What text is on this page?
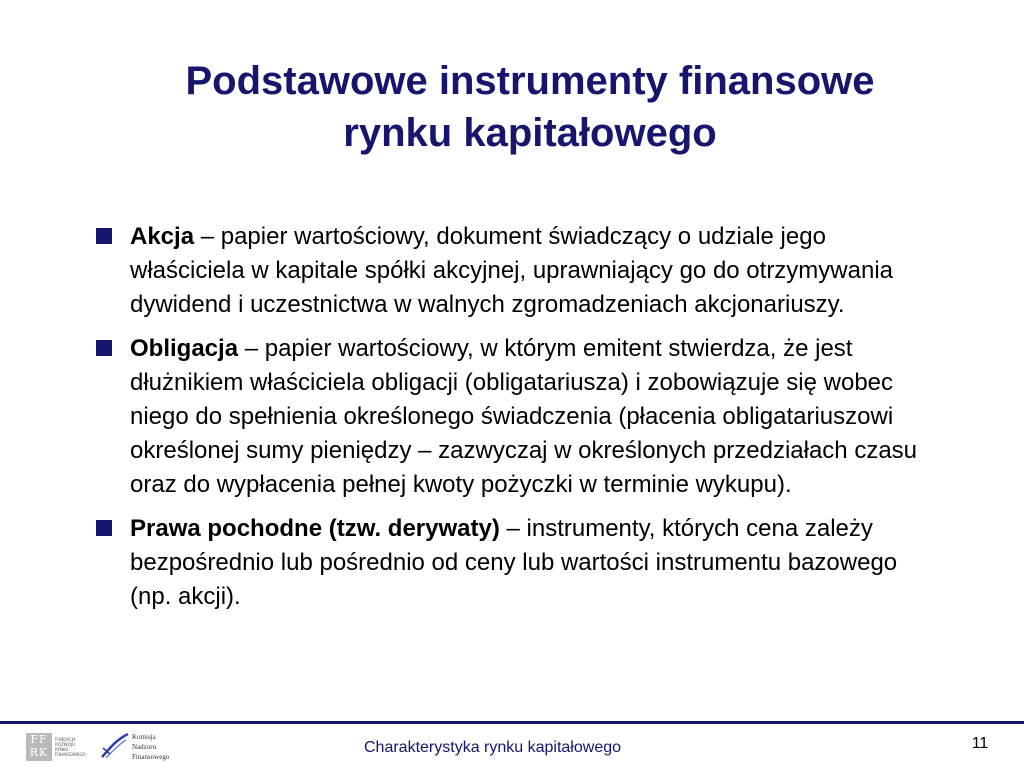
Podstawowe instrumenty finansowe
rynku kapitałowego
Akcja – papier wartościowy, dokument świadczący o udziale jego właściciela w kapitale spółki akcyjnej, uprawniający go do otrzymywania dywidend i uczestnictwa w walnych zgromadzeniach akcjonariuszy.
Obligacja – papier wartościowy, w którym emitent stwierdza, że jest dłużnikiem właściciela obligacji (obligatariusza) i zobowiązuje się wobec niego do spełnienia określonego świadczenia (płacenia obligatariuszowi określonej sumy pieniędzy – zazwyczaj w określonych przedziałach czasu oraz do wypłacenia pełnej kwoty pożyczki w terminie wykupu).
Prawa pochodne (tzw. derywaty) – instrumenty, których cena zależy bezpośrednio lub pośrednio od ceny lub wartości instrumentu bazowego (np. akcji).
FF RK
FUNDACJA ROZWOJU RYNKU FINANSOWEGO
Komisja
Nadzoru
Finansowego
Charakterystyka rynku kapitałowego	11
